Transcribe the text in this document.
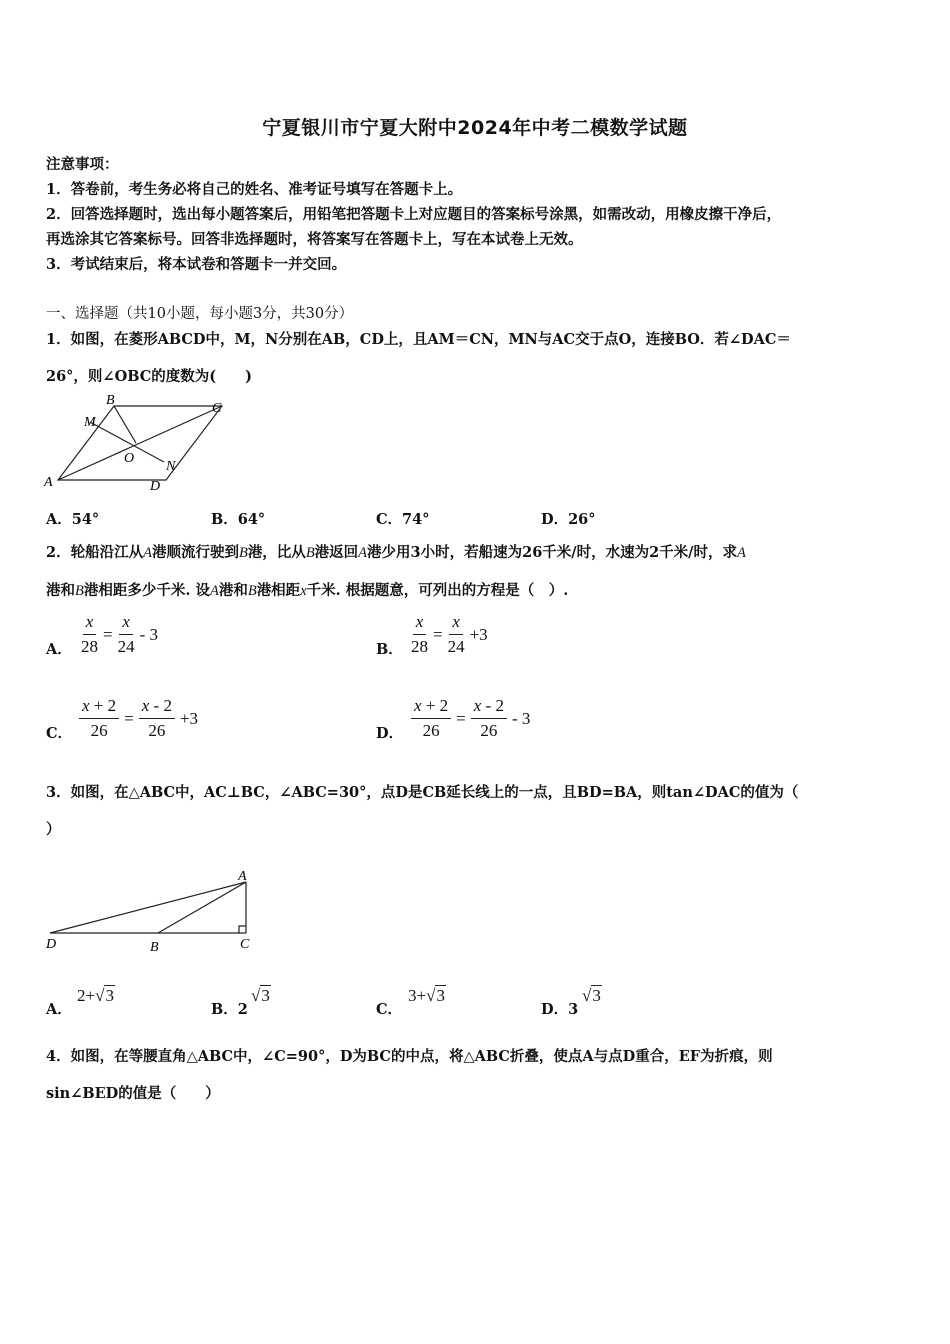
宁夏银川市宁夏大附中2024年中考二模数学试题
注意事项：
1．答卷前，考生务必将自己的姓名、准考证号填写在答题卡上。
2．回答选择题时，选出每小题答案后，用铅笔把答题卡上对应题目的答案标号涂黑，如需改动，用橡皮擦干净后，
再选涂其它答案标号。回答非选择题时，将答案写在答题卡上，写在本试卷上无效。
3．考试结束后，将本试卷和答题卡一并交回。
一、选择题（共10小题，每小题3分，共30分）
1．如图，在菱形ABCD中，M，N分别在AB，CD上，且AM＝CN，MN与AC交于点O，连接BO．若∠DAC＝
26°，则∠OBC的度数为(　　)
A
B
C
D
M
N
O
A．54°	B．64°	C．74°	D．26°
2．轮船沿江从A港顺流行驶到B港，比从B港返回A港少用3小时，若船速为26千米/时，水速为2千米/时，求A
港和B港相距多少千米. 设A港和B港相距x千米. 根据题意，可列出的方程是（　）.
A． $\frac{x}{28} = \frac{x}{24} - 3$
B． $\frac{x}{28} = \frac{x}{24} +3$
C． $\frac{x + 2}{26} = \frac{x - 2}{26} +3$
D． $\frac{x + 2}{26} = \frac{x - 2}{26} - 3$
3．如图，在△ABC中，AC⊥BC，∠ABC=30°，点D是CB延长线上的一点，且BD=BA，则tan∠DAC的值为（
）
A
B	C
D
A．
2+√3
B．2
√3
C．
3+√3
D．3
√3
4．如图，在等腰直角△ABC中，∠C=90°，D为BC的中点，将△ABC折叠，使点A与点D重合，EF为折痕，则
sin∠BED的值是（　　）
